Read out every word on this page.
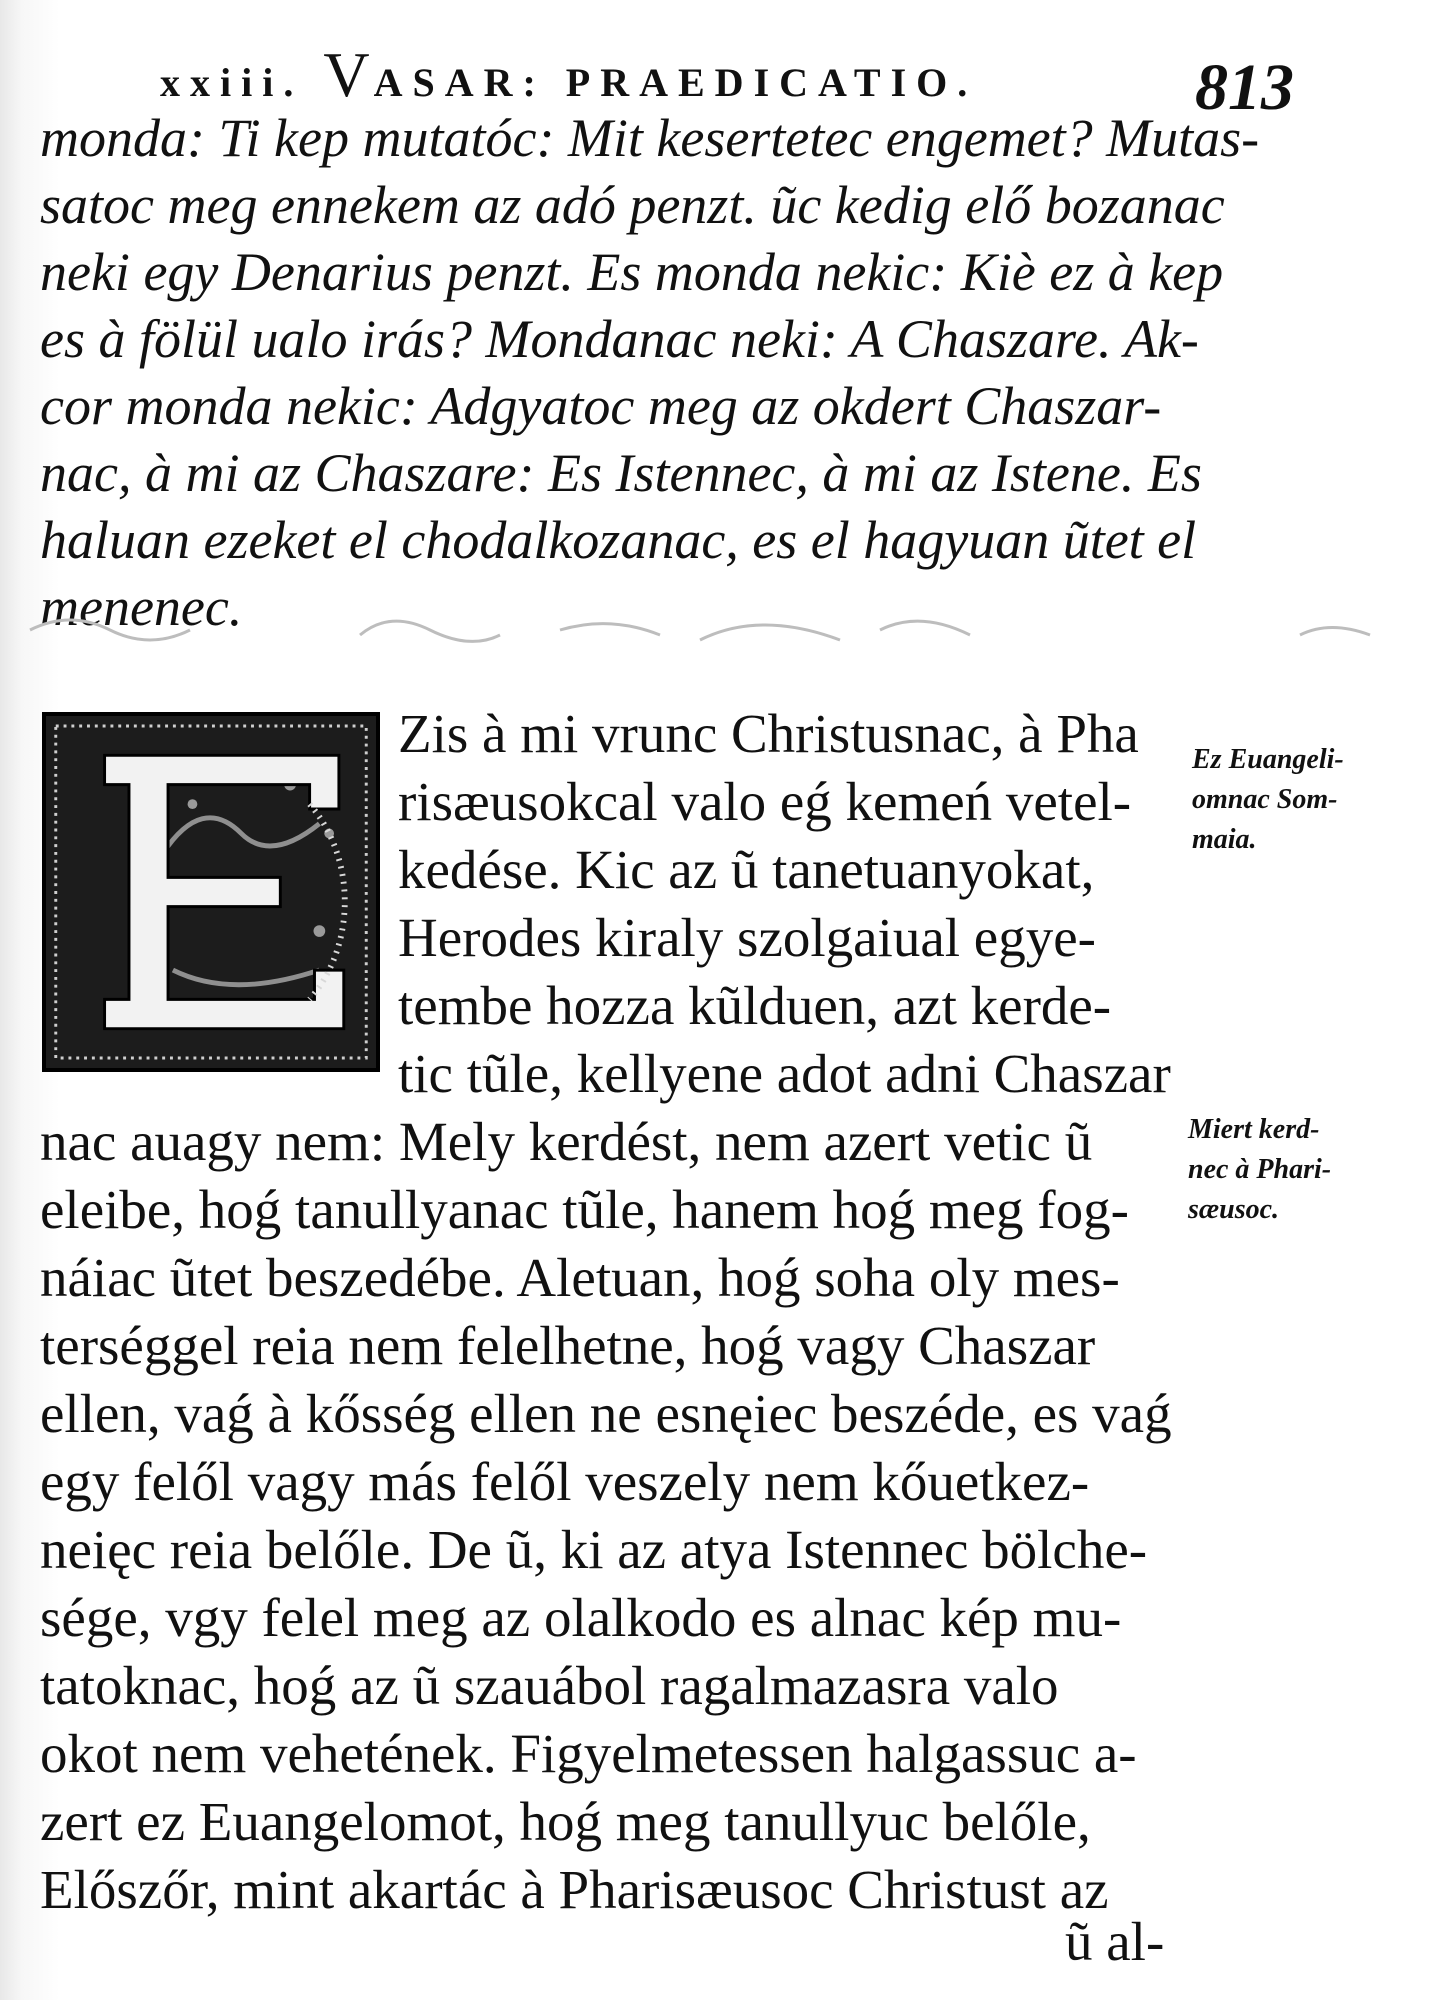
xxiii. VASAR: PRAEDICATIO.	813
monda: Ti kep mutatóc: Mit kesertetec engemet? Mutas-
satoc meg ennekem az adó penzt. ũc kedig elő bozanac
neki egy Denarius penzt. Es monda nekic: Kiè ez à kep
es à fölül ualo irás? Mondanac neki: A Chaszare. Ak-
cor monda nekic: Adgyatoc meg az okdert Chaszar-
nac, à mi az Chaszare: Es Istennec, à mi az Istene. Es
haluan ezeket el chodalkozanac, es el hagyuan ũtet el
menenec.
Zis à mi vrunc Christusnac, à Pha
risæusokcal valo eǵ kemeń vetel-
kedése. Kic az ũ tanetuanyokat,
Herodes kiraly szolgaiual egye-
tembe hozza kũlduen, azt kerde-
tic tũle, kellyene adot adni Chaszar
nac auagy nem: Mely kerdést, nem azert vetic ũ
eleibe, hoǵ tanullyanac tũle, hanem hoǵ meg fog-
náiac ũtet beszedébe. Aletuan, hoǵ soha oly mes-
terséggel reia nem felelhetne, hoǵ vagy Chaszar
ellen, vaǵ à kősség ellen ne esnęiec beszéde, es vaǵ
egy felől vagy más felől veszely nem kőuetkez-
neięc reia belőle. De ũ, ki az atya Istennec bölche-
sége, vgy felel meg az olalkodo es alnac kép mu-
tatoknac, hoǵ az ũ szauábol ragalmazasra valo
okot nem vehetének. Figyelmetessen halgassuc a-
zert ez Euangelomot, hoǵ meg tanullyuc belőle,
Előszőr, mint akartác à Pharisæusoc Christust az
ũ al-
Ez Euangeli-
omnac Som-
maia.
Miert kerd-
nec à Phari-
sæusoc.
